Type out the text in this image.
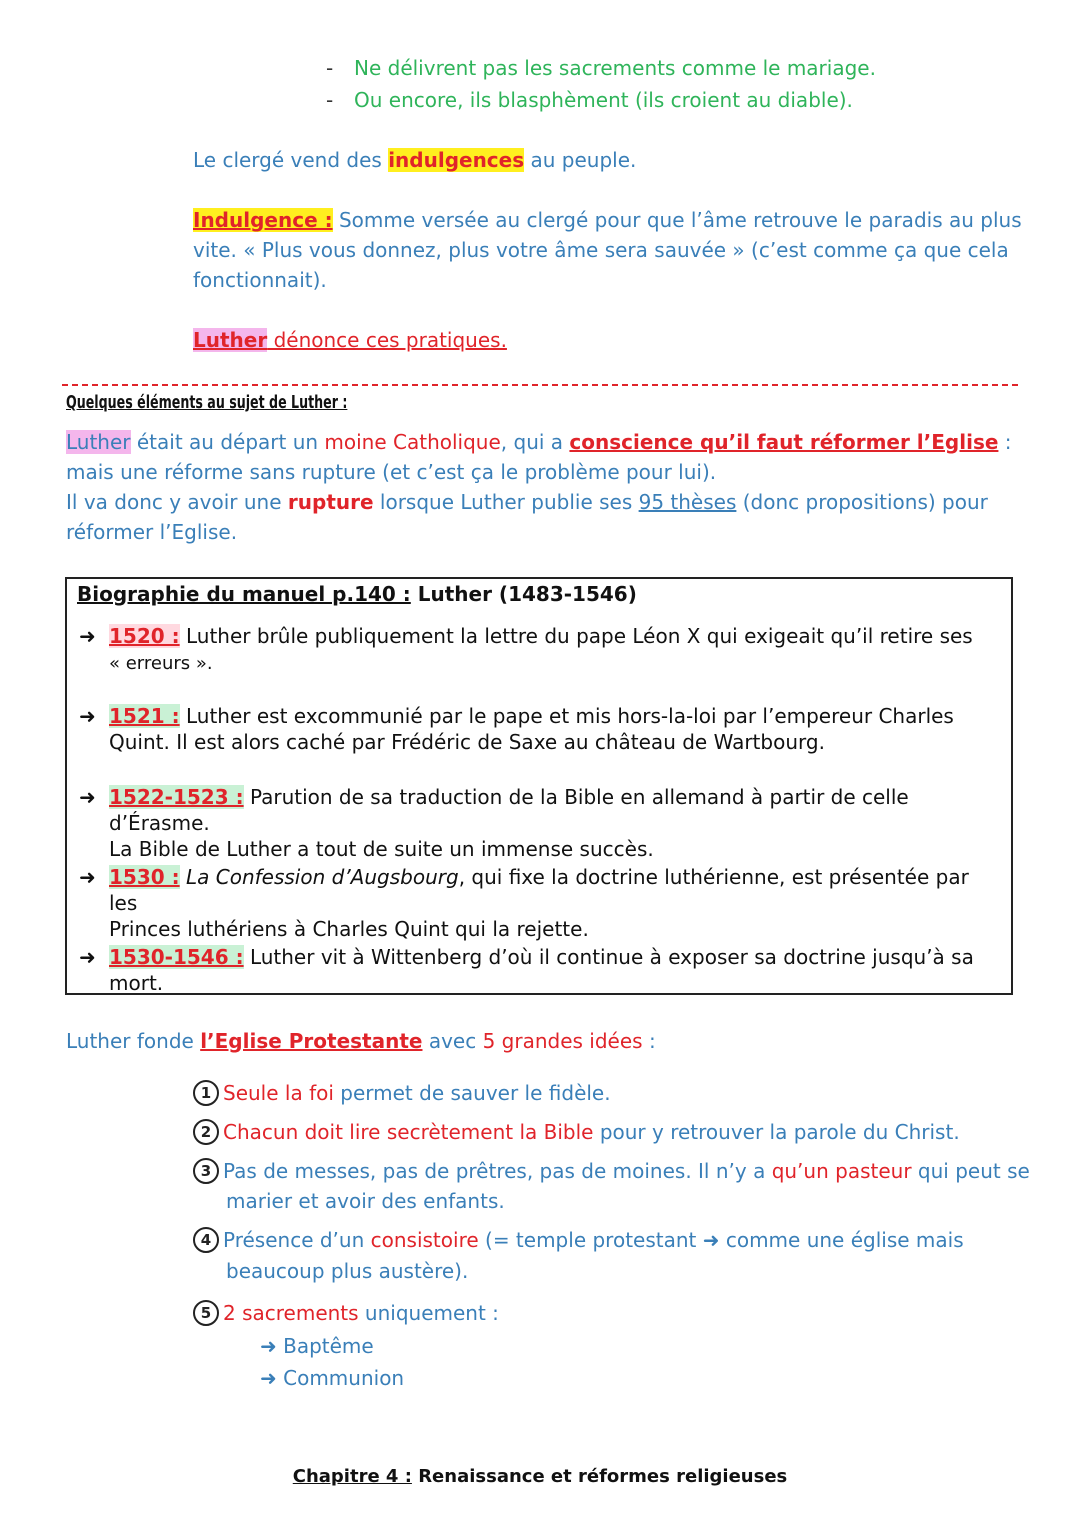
- Ne délivrent pas les sacrements comme le mariage.
- Ou encore, ils blasphèment (ils croient au diable).
Le clergé vend des indulgences au peuple.
Indulgence : Somme versée au clergé pour que l’âme retrouve le paradis au plus
vite. « Plus vous donnez, plus votre âme sera sauvée » (c’est comme ça que cela
fonctionnait).
Luther dénonce ces pratiques.
Quelques éléments au sujet de Luther :
Luther était au départ un moine Catholique, qui a conscience qu’il faut réformer l’Eglise :
mais une réforme sans rupture (et c’est ça le problème pour lui).
Il va donc y avoir une rupture lorsque Luther publie ses 95 thèses (donc propositions) pour
réformer l’Eglise.
Biographie du manuel p.140 : Luther (1483-1546)
➜ 1520 : Luther brûle publiquement la lettre du pape Léon X qui exigeait qu’il retire ses
« erreurs ».
➜ 1521 : Luther est excommunié par le pape et mis hors-la-loi par l’empereur Charles
Quint. Il est alors caché par Frédéric de Saxe au château de Wartbourg.
➜ 1522-1523 : Parution de sa traduction de la Bible en allemand à partir de celle d’Érasme.
La Bible de Luther a tout de suite un immense succès.
➜ 1530 : La Confession d’Augsbourg, qui fixe la doctrine luthérienne, est présentée par les
Princes luthériens à Charles Quint qui la rejette.
➜ 1530-1546 : Luther vit à Wittenberg d’où il continue à exposer sa doctrine jusqu’à sa
mort.
Luther fonde l’Eglise Protestante avec 5 grandes idées :
1 Seule la foi permet de sauver le fidèle.
2 Chacun doit lire secrètement la Bible pour y retrouver la parole du Christ.
3 Pas de messes, pas de prêtres, pas de moines. Il n’y a qu’un pasteur qui peut se
marier et avoir des enfants.
4 Présence d’un consistoire (= temple protestant ➜ comme une église mais
beaucoup plus austère).
5 2 sacrements uniquement :
➜ Baptême
➜ Communion
Chapitre 4 : Renaissance et réformes religieuses
